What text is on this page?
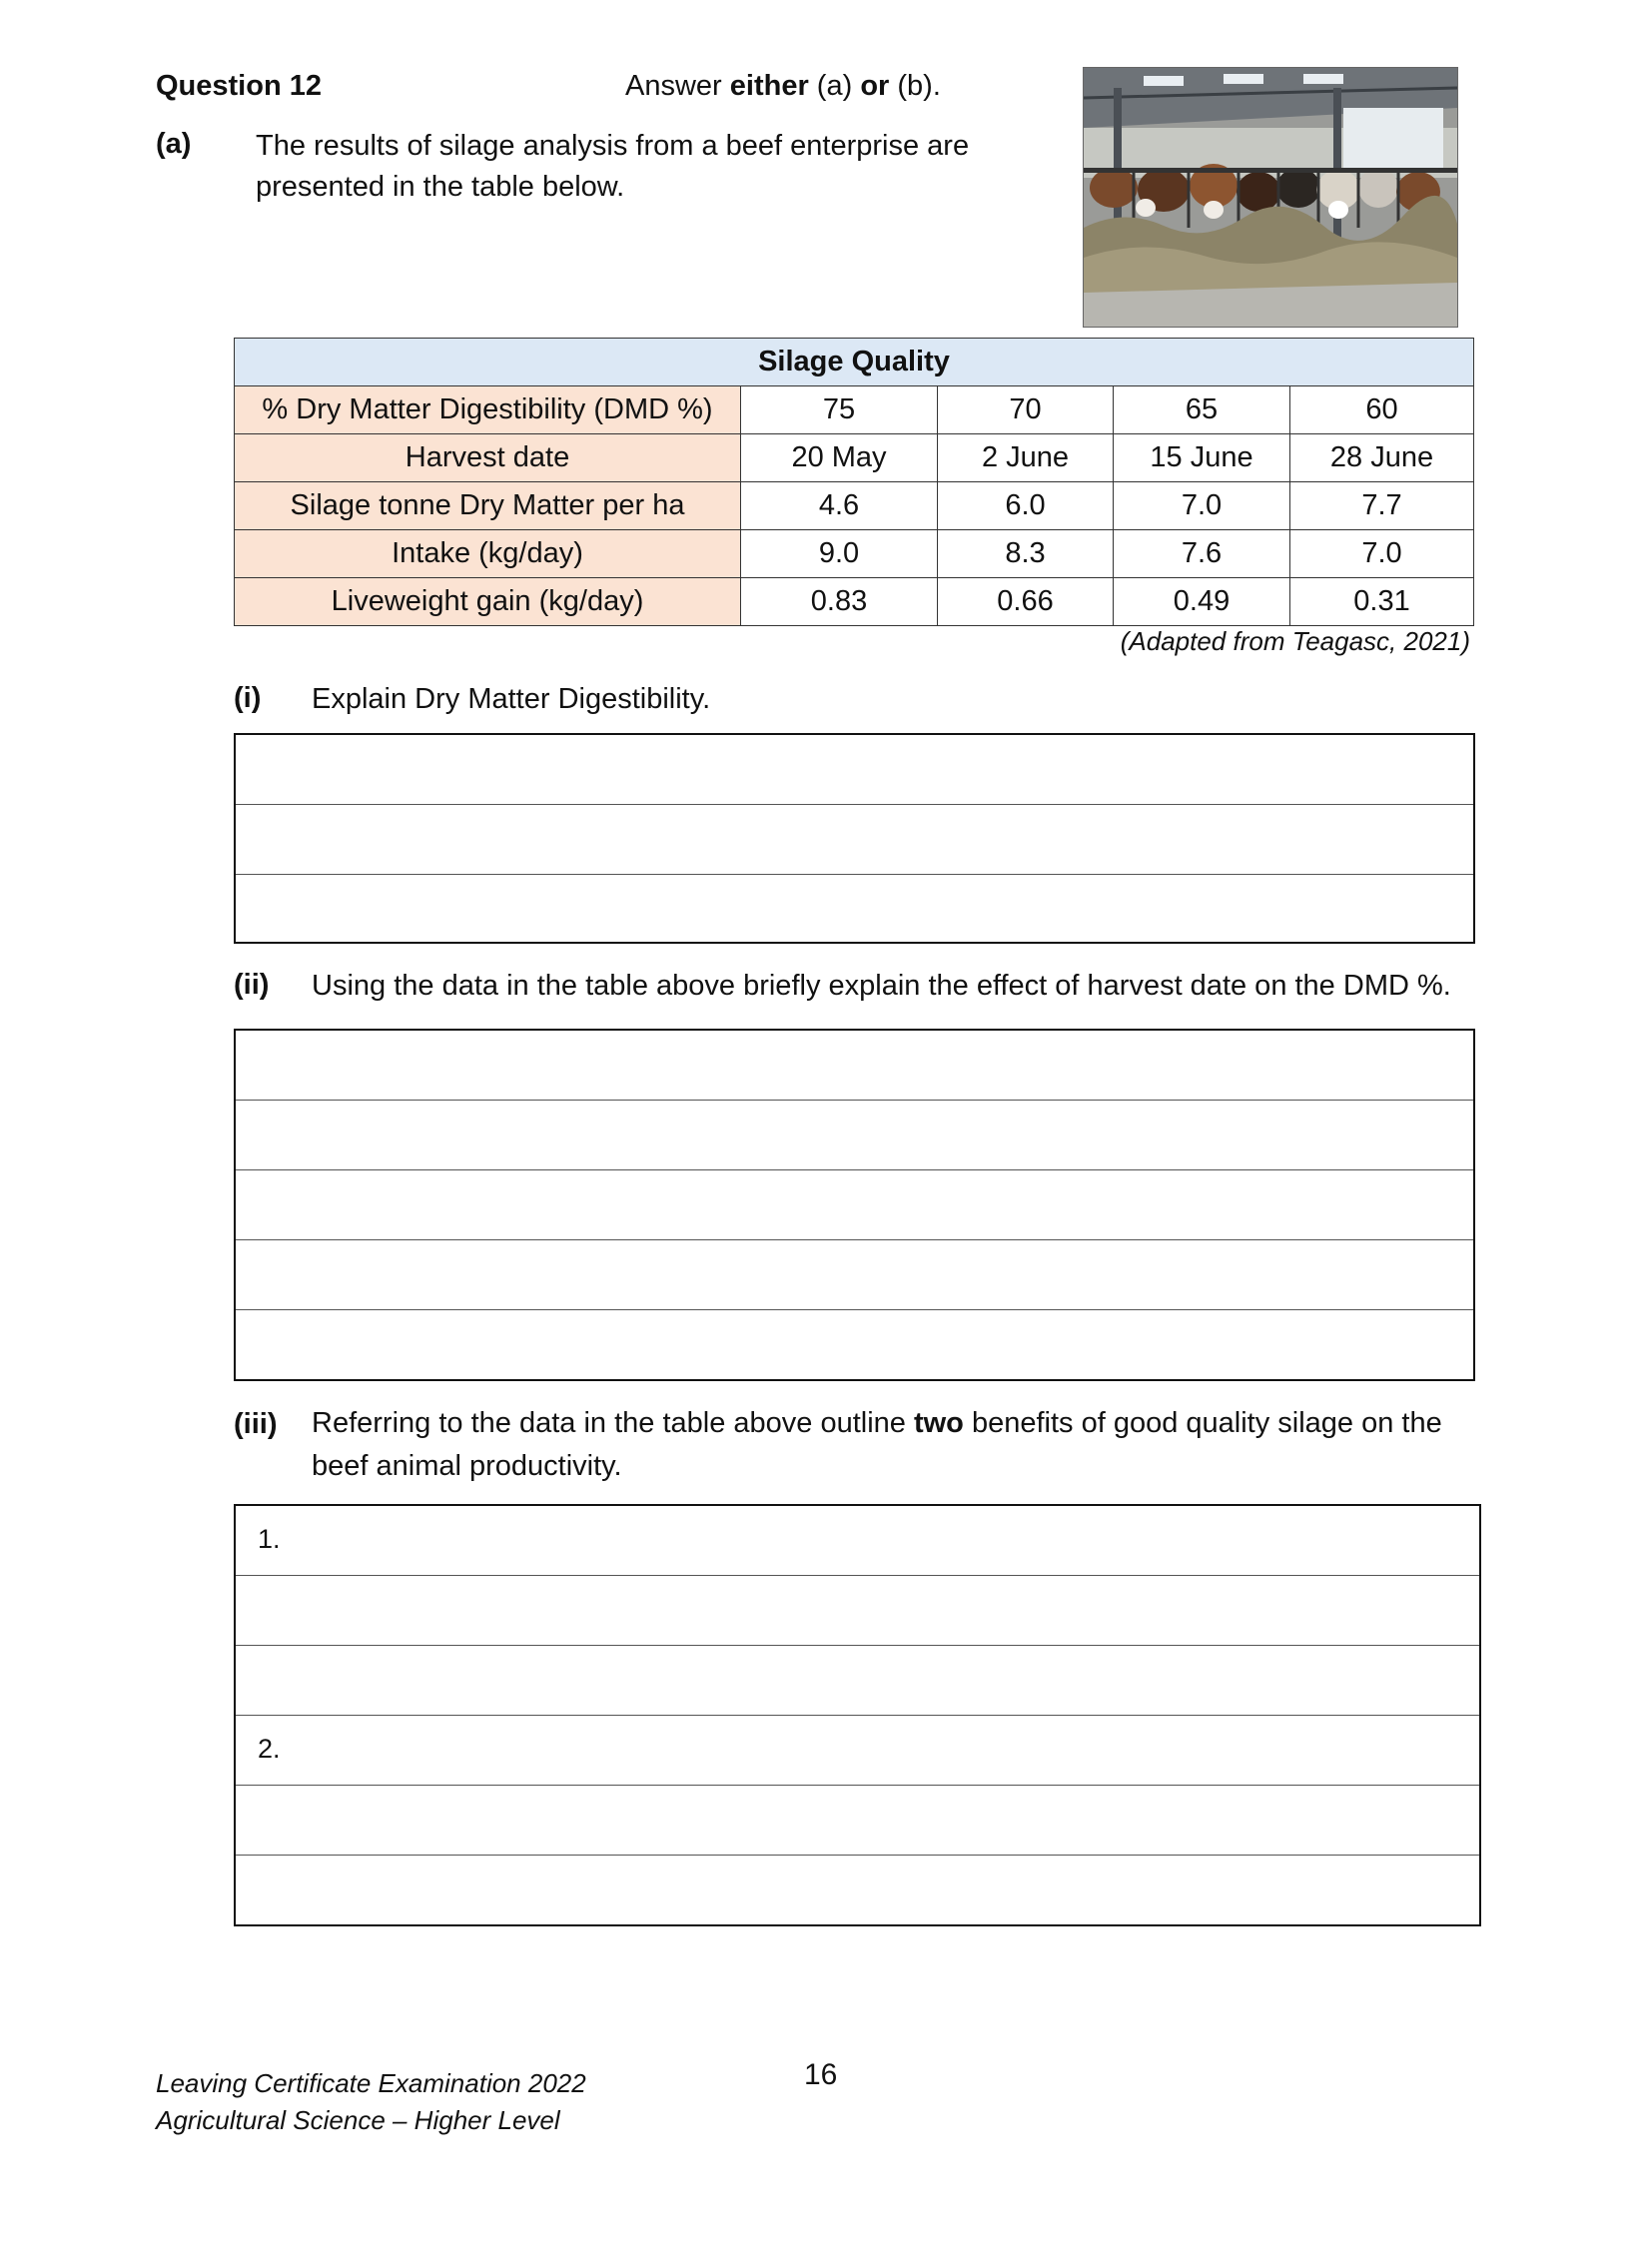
Question 12	Answer either (a) or (b).
(a) The results of silage analysis from a beef enterprise are presented in the table below.
Silage Quality				
% Dry Matter Digestibility (DMD %)	75	70	65	60
Harvest date	20 May	2 June	15 June	28 June
Silage tonne Dry Matter per ha	4.6	6.0	7.0	7.7
Intake (kg/day)	9.0	8.3	7.6	7.0
Liveweight gain (kg/day)	0.83	0.66	0.49	0.31
(Adapted from Teagasc, 2021)
(i) Explain Dry Matter Digestibility.
(ii) Using the data in the table above briefly explain the effect of harvest date on the DMD %.
(iii) Referring to the data in the table above outline two benefits of good quality silage on the beef animal productivity.
1.
2.
Leaving Certificate Examination 2022
Agricultural Science – Higher Level
16
